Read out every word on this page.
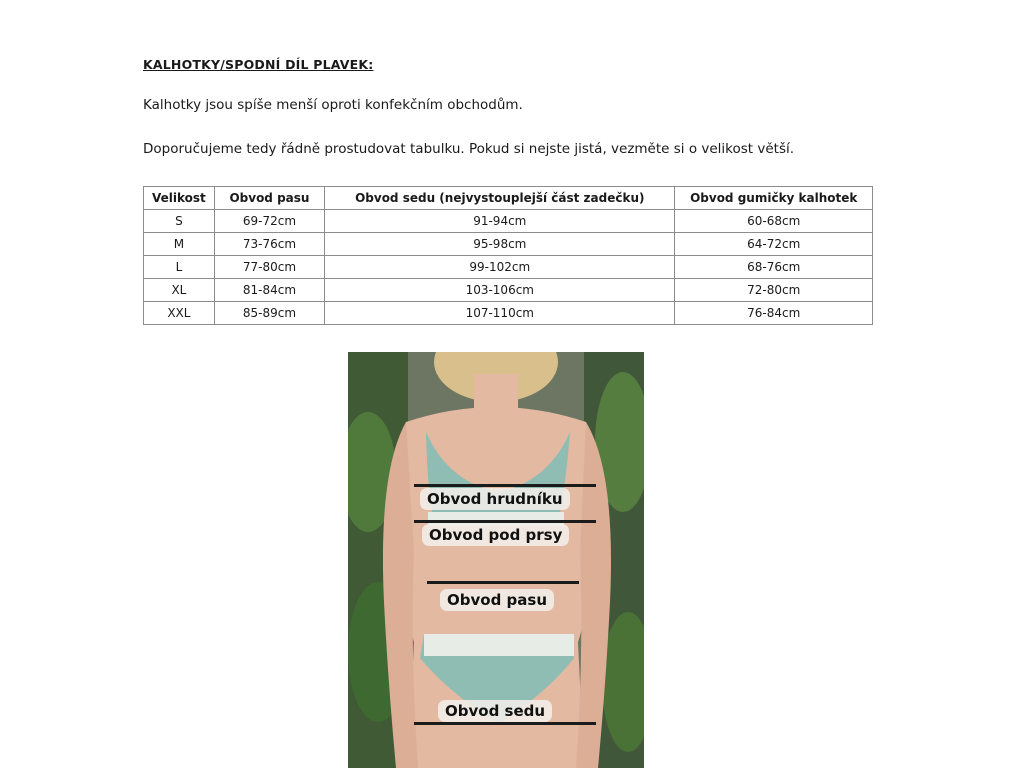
KALHOTKY/SPODNÍ DÍL PLAVEK:
Kalhotky jsou spíše menší oproti konfekčním obchodům.
Doporučujeme tedy řádně prostudovat tabulku. Pokud si nejste jistá, vezměte si o velikost větší.
Velikost	Obvod pasu	Obvod sedu (nejvystouplejší část zadečku)	Obvod gumičky kalhotek
S	69-72cm	91-94cm	60-68cm
M	73-76cm	95-98cm	64-72cm
L	77-80cm	99-102cm	68-76cm
XL	81-84cm	103-106cm	72-80cm
XXL	85-89cm	107-110cm	76-84cm
Obvod hrudníku
Obvod pod prsy
Obvod pasu
Obvod sedu
